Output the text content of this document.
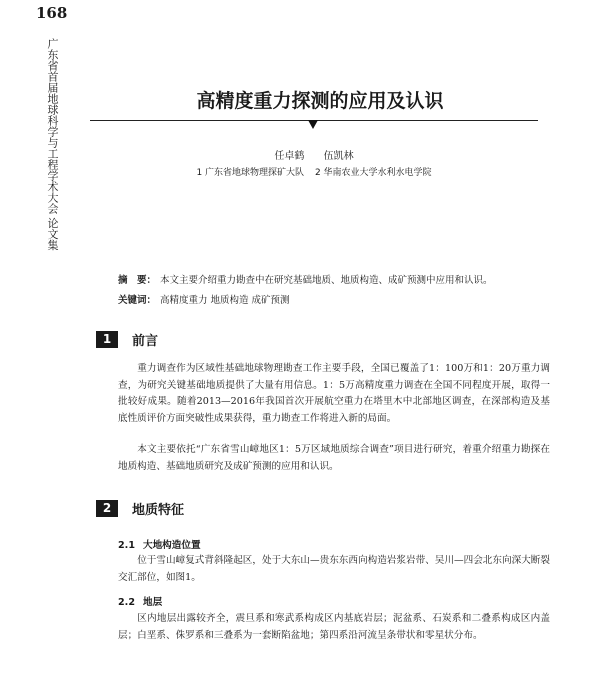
168
广东省首届地球科学与工程学术大会 论文集	高精度重力探测的应用及认识
任卓鹤 伍凯林
1 广东省地球物理探矿大队 2 华南农业大学水利水电学院
摘　要： 本文主要介绍重力勘查中在研究基础地质、地质构造、成矿预测中应用和认识。
关键词： 高精度重力 地质构造 成矿预测
1	前言

重力调查作为区域性基础地球物理勘查工作主要手段，全国已覆盖了1：100万和1：20万重力调查，为研究关键基础地质提供了大量有用信息。1：5万高精度重力调查在全国不同程度开展，取得一批较好成果。随着2013—2016年我国首次开展航空重力在塔里木中北部地区调查，在深部构造及基底性质评价方面突破性成果获得，重力勘查工作将进入新的局面。

本文主要依托“广东省雪山嶂地区1：5万区域地质综合调查”项目进行研究，着重介绍重力勘探在地质构造、基础地质研究及成矿预测的应用和认识。

2	地质特征
2.1 大地构造位置

位于雪山嶂复式背斜隆起区，处于大东山—贵东东西向构造岩浆岩带、吴川—四会北东向深大断裂交汇部位，如图1。

2.2 地层

区内地层出露较齐全，震旦系和寒武系构成区内基底岩层；泥盆系、石炭系和二叠系构成区内盖层；白垩系、侏罗系和三叠系为一套断陷盆地；第四系沿河流呈条带状和零星状分布。
